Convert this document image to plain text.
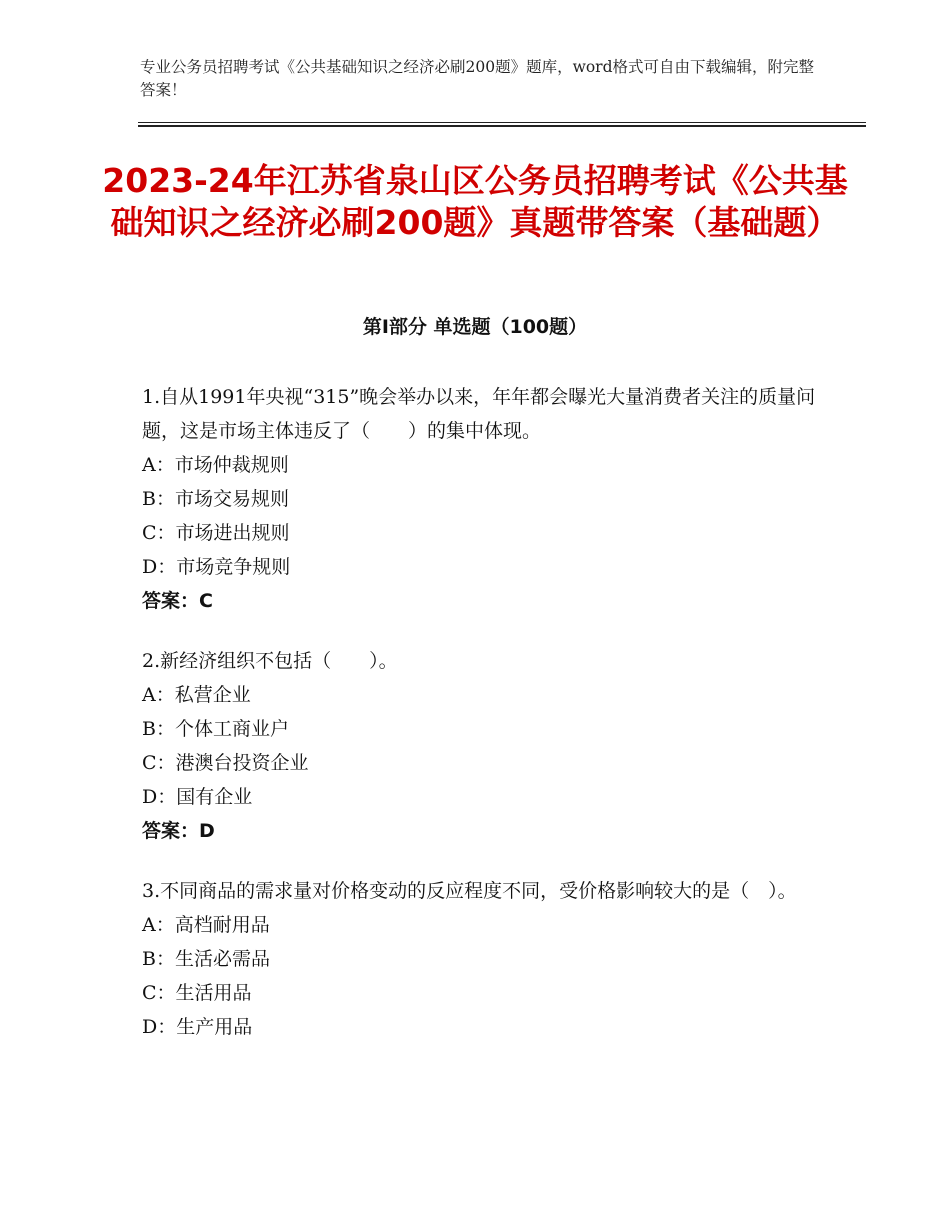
专业公务员招聘考试《公共基础知识之经济必刷200题》题库，word格式可自由下载编辑，附完整答案！
2023-24年江苏省泉山区公务员招聘考试《公共基础知识之经济必刷200题》真题带答案（基础题）
第I部分 单选题（100题）
1.自从1991年央视“315”晚会举办以来，年年都会曝光大量消费者关注的质量问题，这是市场主体违反了（　　）的集中体现。
A：市场仲裁规则
B：市场交易规则
C：市场进出规则
D：市场竞争规则
答案：C
2.新经济组织不包括（　　）。
A：私营企业
B：个体工商业户
C：港澳台投资企业
D：国有企业
答案：D
3.不同商品的需求量对价格变动的反应程度不同，受价格影响较大的是（　）。
A：高档耐用品
B：生活必需品
C：生活用品
D：生产用品
